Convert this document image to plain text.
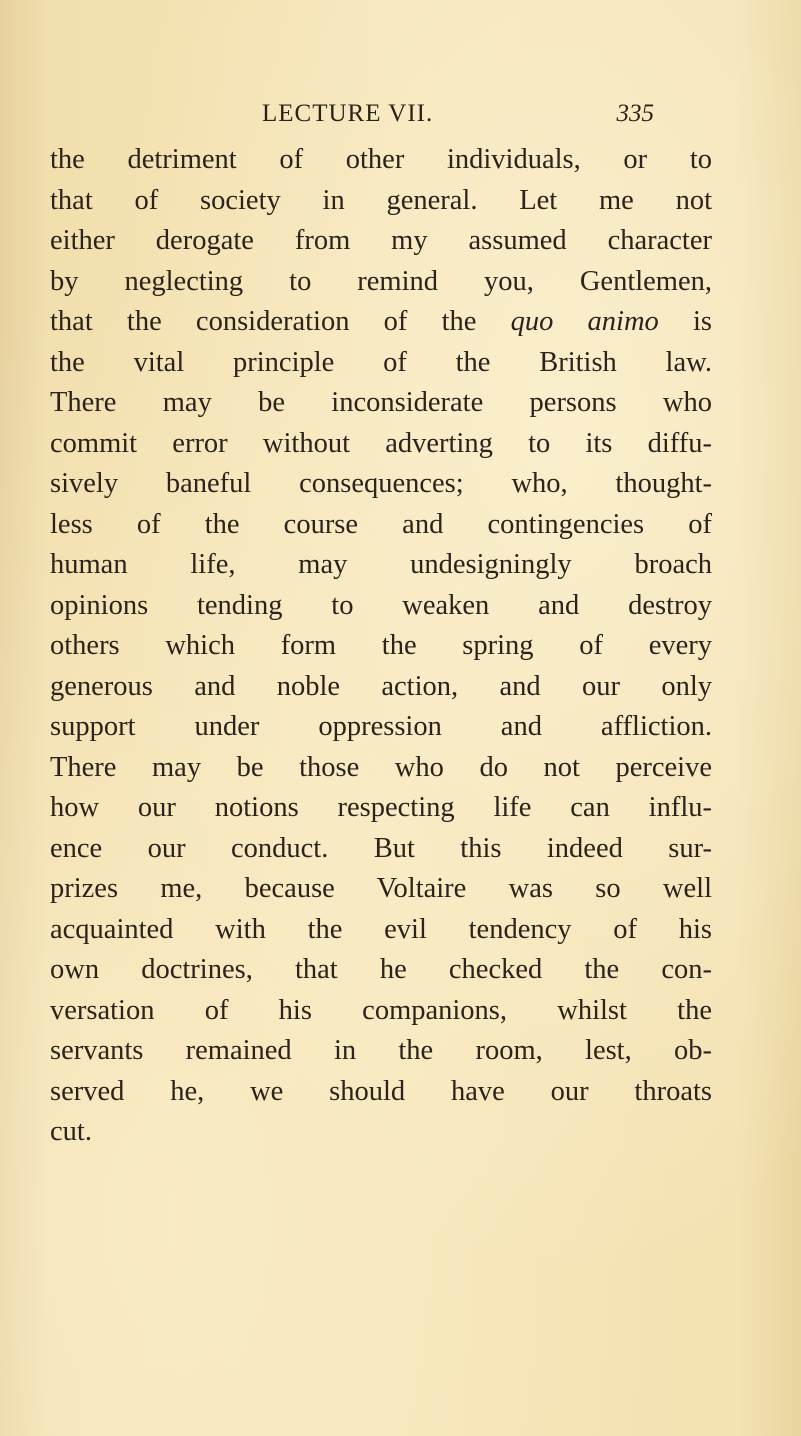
LECTURE VII.	335
the detriment of other individuals, or to
that of society in general. Let me not
either derogate from my assumed character
by neglecting to remind you, Gentlemen,
that the consideration of the quo animo is
the vital principle of the British law.
There may be inconsiderate persons who
commit error without adverting to its diffu-
sively baneful consequences; who, thought-
less of the course and contingencies of
human life, may undesigningly broach
opinions tending to weaken and destroy
others which form the spring of every
generous and noble action, and our only
support under oppression and affliction.
There may be those who do not perceive
how our notions respecting life can influ-
ence our conduct. But this indeed sur-
prizes me, because Voltaire was so well
acquainted with the evil tendency of his
own doctrines, that he checked the con-
versation of his companions, whilst the
servants remained in the room, lest, ob-
served he, we should have our throats
cut.
